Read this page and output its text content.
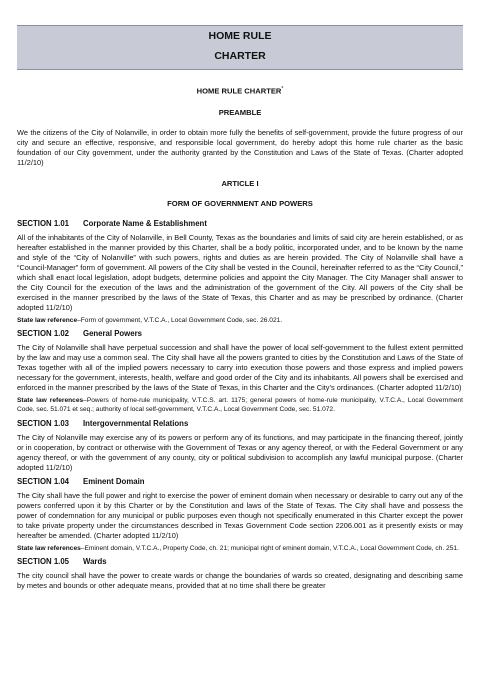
HOME RULE
CHARTER
HOME RULE CHARTER*
PREAMBLE

We the citizens of the City of Nolanville, in order to obtain more fully the benefits of self-government, provide the future progress of our city and secure an effective, responsive, and responsible local government, do hereby adopt this home rule charter as the basic foundation of our City government, under the authority granted by the Constitution and Laws of the State of Texas. (Charter adopted 11/2/10)

ARTICLE I
FORM OF GOVERNMENT AND POWERS
SECTION 1.01 Corporate Name & Establishment

All of the inhabitants of the City of Nolanville, in Bell County, Texas as the boundaries and limits of said city are herein established, or as hereafter established in the manner provided by this Charter, shall be a body politic, incorporated under, and to be known by the name and style of the “City of Nolanville” with such powers, rights and duties as are herein provided. The City of Nolanville shall have a “Council-Manager” form of government. All powers of the City shall be vested in the Council, hereinafter referred to as the “City Council,” which shall enact local legislation, adopt budgets, determine policies and appoint the City Manager. The City Manager shall answer to the City Council for the execution of the laws and the administration of the government of the City. All powers of the City shall be exercised in the manner prescribed by the laws of the State of Texas, this Charter and as may be prescribed by ordinance. (Charter adopted 11/2/10)

State law reference–Form of government, V.T.C.A., Local Government Code, sec. 26.021.
SECTION 1.02 General Powers

The City of Nolanville shall have perpetual succession and shall have the power of local self-government to the fullest extent permitted by the law and may use a common seal. The City shall have all the powers granted to cities by the Constitution and Laws of the State of Texas together with all of the implied powers necessary to carry into execution those powers and those express and implied powers necessary for the government, interests, health, welfare and good order of the City and its inhabitants. All powers shall be exercised and enforced in the manner prescribed by the laws of the State of Texas, in this Charter and the City’s ordinances. (Charter adopted 11/2/10)

State law references–Powers of home-rule municipality, V.T.C.S. art. 1175; general powers of home-rule municipality, V.T.C.A., Local Government Code, sec. 51.071 et seq.; authority of local self-government, V.T.C.A., Local Government Code, sec. 51.072.
SECTION 1.03 Intergovernmental Relations

The City of Nolanville may exercise any of its powers or perform any of its functions, and may participate in the financing thereof, jointly or in cooperation, by contract or otherwise with the Government of Texas or any agency thereof, or with the Federal Government or any agency thereof, or with the government of any county, city or political subdivision to accomplish any lawful municipal purpose. (Charter adopted 11/2/10)

SECTION 1.04 Eminent Domain

The City shall have the full power and right to exercise the power of eminent domain when necessary or desirable to carry out any of the powers conferred upon it by this Charter or by the Constitution and laws of the State of Texas. The City shall have and possess the power of condemnation for any municipal or public purposes even though not specifically enumerated in this Charter except the power to take private property under the circumstances described in Texas Government Code section 2206.001 as it presently exists or may hereafter be amended. (Charter adopted 11/2/10)

State law references–Eminent domain, V.T.C.A., Property Code, ch. 21; municipal right of eminent domain, V.T.C.A., Local Government Code, ch. 251.
SECTION 1.05 Wards

The city council shall have the power to create wards or change the boundaries of wards so created, designating and describing same by metes and bounds or other adequate means, provided that at no time shall there be greater
